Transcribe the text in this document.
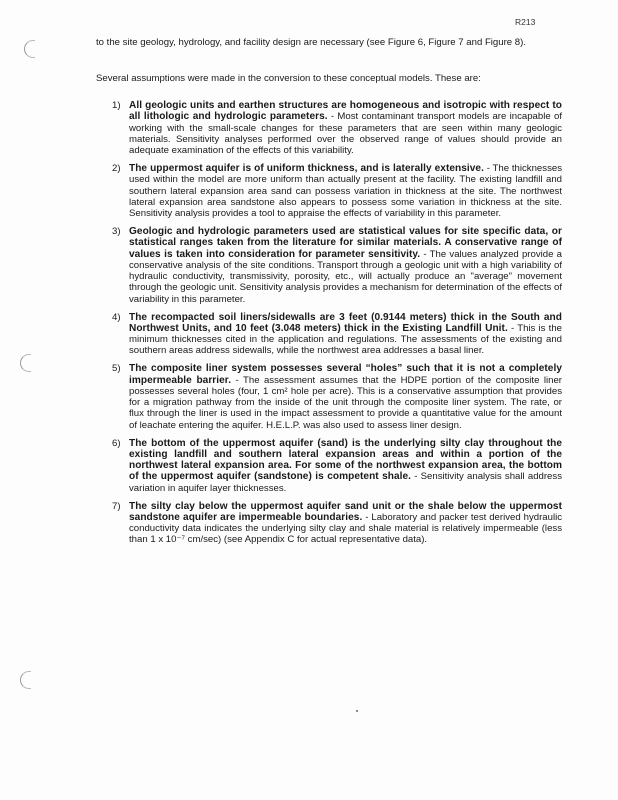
R213
to the site geology, hydrology, and facility design are necessary (see Figure 6, Figure 7 and Figure 8).
Several assumptions were made in the conversion to these conceptual models. These are:
1) All geologic units and earthen structures are homogeneous and isotropic with respect to all lithologic and hydrologic parameters. - Most contaminant transport models are incapable of working with the small-scale changes for these parameters that are seen within many geologic materials. Sensitivity analyses performed over the observed range of values should provide an adequate examination of the effects of this variability.
2) The uppermost aquifer is of uniform thickness, and is laterally extensive. - The thicknesses used within the model are more uniform than actually present at the facility. The existing landfill and southern lateral expansion area sand can possess variation in thickness at the site. The northwest lateral expansion area sandstone also appears to possess some variation in thickness at the site. Sensitivity analysis provides a tool to appraise the effects of variability in this parameter.
3) Geologic and hydrologic parameters used are statistical values for site specific data, or statistical ranges taken from the literature for similar materials. A conservative range of values is taken into consideration for parameter sensitivity. - The values analyzed provide a conservative analysis of the site conditions. Transport through a geologic unit with a high variability of hydraulic conductivity, transmissivity, porosity, etc., will actually produce an "average" movement through the geologic unit. Sensitivity analysis provides a mechanism for determination of the effects of variability in this parameter.
4) The recompacted soil liners/sidewalls are 3 feet (0.9144 meters) thick in the South and Northwest Units, and 10 feet (3.048 meters) thick in the Existing Landfill Unit. - This is the minimum thicknesses cited in the application and regulations. The assessments of the existing and southern areas address sidewalls, while the northwest area addresses a basal liner.
5) The composite liner system possesses several “holes” such that it is not a completely impermeable barrier. - The assessment assumes that the HDPE portion of the composite liner possesses several holes (four, 1 cm² hole per acre). This is a conservative assumption that provides for a migration pathway from the inside of the unit through the composite liner system. The rate, or flux through the liner is used in the impact assessment to provide a quantitative value for the amount of leachate entering the aquifer. H.E.L.P. was also used to assess liner design.
6) The bottom of the uppermost aquifer (sand) is the underlying silty clay throughout the existing landfill and southern lateral expansion areas and within a portion of the northwest lateral expansion area. For some of the northwest expansion area, the bottom of the uppermost aquifer (sandstone) is competent shale. - Sensitivity analysis shall address variation in aquifer layer thicknesses.
7) The silty clay below the uppermost aquifer sand unit or the shale below the uppermost sandstone aquifer are impermeable boundaries. - Laboratory and packer test derived hydraulic conductivity data indicates the underlying silty clay and shale material is relatively impermeable (less than 1 x 10⁻⁷ cm/sec) (see Appendix C for actual representative data).
